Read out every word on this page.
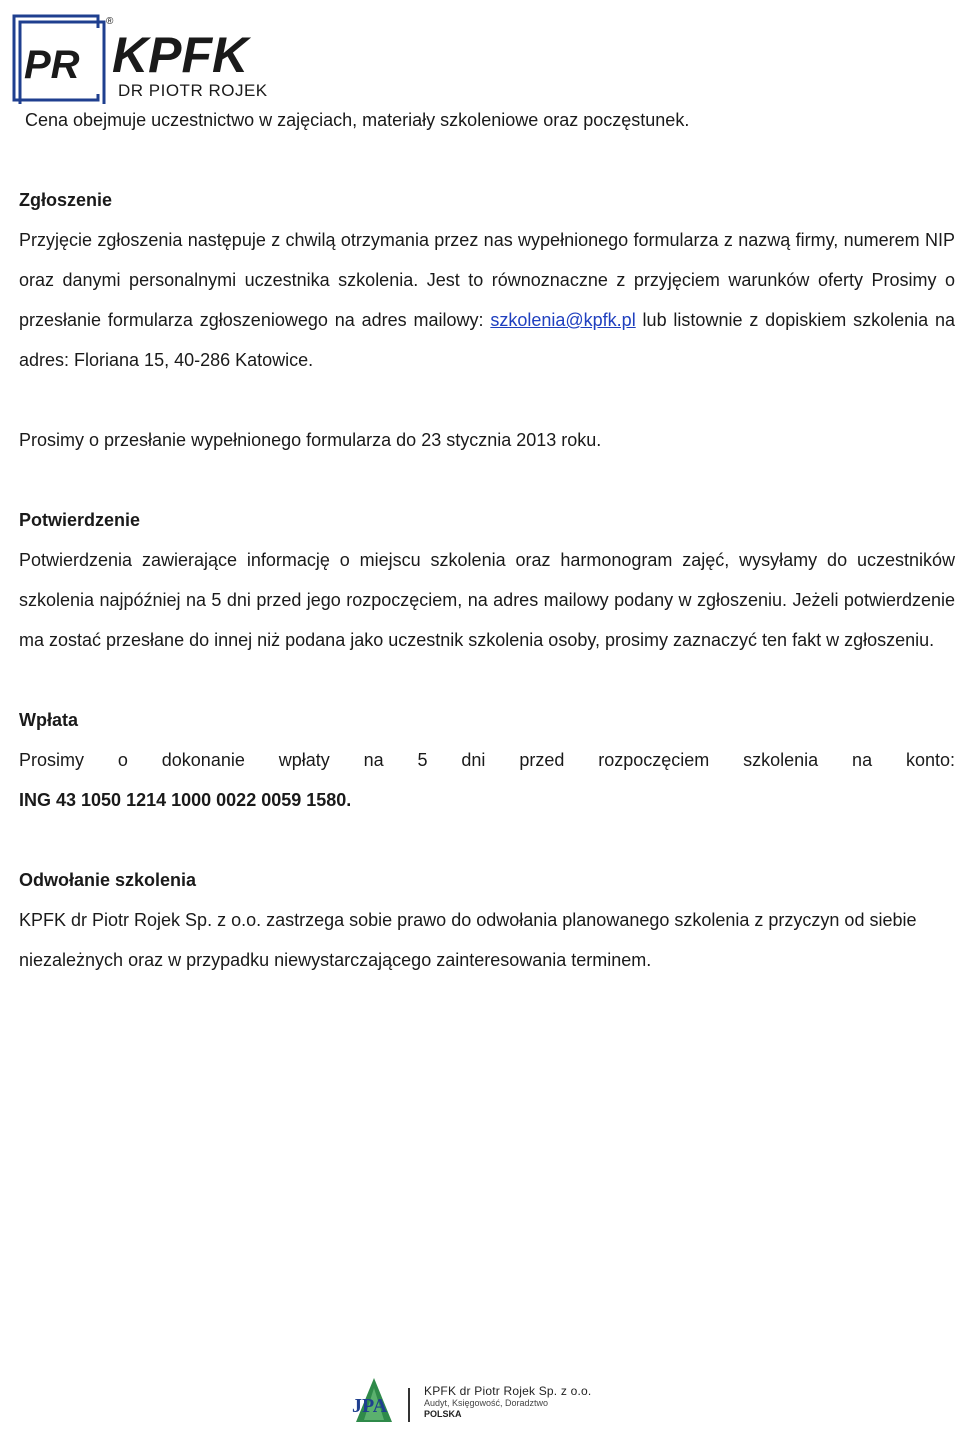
PR KPFK
®
DR PIOTR ROJEK

Cena obejmuje uczestnictwo w zajęciach, materiały szkoleniowe oraz poczęstunek.

Zgłoszenie

Przyjęcie zgłoszenia następuje z chwilą otrzymania przez nas wypełnionego formularza z nazwą firmy, numerem NIP oraz danymi personalnymi uczestnika szkolenia. Jest to równoznaczne z przyjęciem warunków oferty Prosimy o przesłanie formularza zgłoszeniowego na adres mailowy: szkolenia@kpfk.pl lub listownie z dopiskiem szkolenia na adres: Floriana 15, 40-286 Katowice.

Prosimy o przesłanie wypełnionego formularza do 23 stycznia 2013 roku.

Potwierdzenie

Potwierdzenia zawierające informację o miejscu szkolenia oraz harmonogram zajęć, wysyłamy do uczestników szkolenia najpóźniej na 5 dni przed jego rozpoczęciem, na adres mailowy podany w zgłoszeniu. Jeżeli potwierdzenie ma zostać przesłane do innej niż podana jako uczestnik szkolenia osoby, prosimy zaznaczyć ten fakt w zgłoszeniu.

Wpłata

Prosimy o dokonanie wpłaty na 5 dni przed rozpoczęciem szkolenia na konto:

ING 43 1050 1214 1000 0022 0059 1580.

Odwołanie szkolenia

KPFK dr Piotr Rojek Sp. z o.o. zastrzega sobie prawo do odwołania planowanego szkolenia z przyczyn od siebie niezależnych oraz w przypadku niewystarczającego zainteresowania terminem.

JPA
KPFK dr Piotr Rojek Sp. z o.o.
Audyt, Księgowość, Doradztwo
POLSKA
